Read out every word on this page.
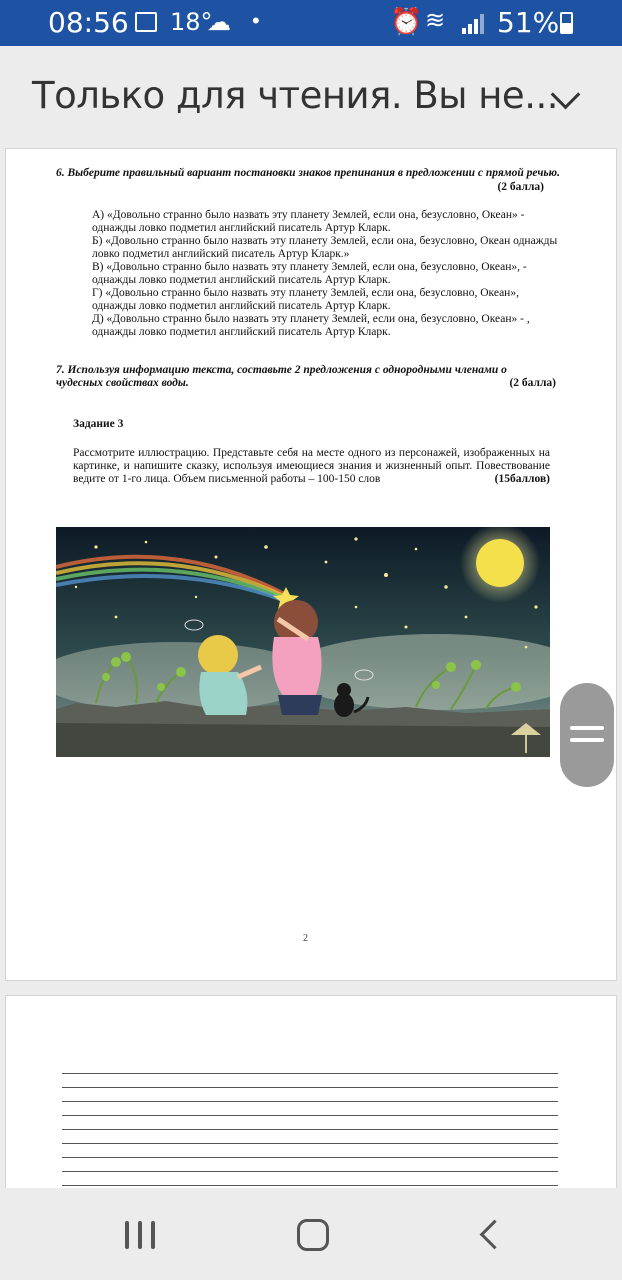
08:56 18°
☁ •	⏰ ≋ 51%
Только для чтения. Вы не...
6. Выберите правильный вариант постановки знаков препинания в предложении с прямой речью.
(2 балла)

А) «Довольно странно было назвать эту планету Землей, если она, безусловно, Океан» - однажды ловко подметил английский писатель Артур Кларк.

Б) «Довольно странно было назвать эту планету Землей, если она, безусловно, Океан однажды ловко подметил английский писатель Артур Кларк.»

В) «Довольно странно было назвать эту планету Землей, если она, безусловно, Океан», - однажды ловко подметил английский писатель Артур Кларк.

Г) «Довольно странно было назвать эту планету Землей, если она, безусловно, Океан», однажды ловко подметил английский писатель Артур Кларк.

Д) «Довольно странно было назвать эту планету Землей, если она, безусловно, Океан» - , однажды ловко подметил английский писатель Артур Кларк.

7. Используя информацию текста, составьте 2 предложения с однородными членами о чудесных свойствах воды.	(2 балла)
Задание 3
Рассмотрите иллюстрацию. Представьте себя на месте одного из персонажей, изображенных на картинке, и напишите сказку, используя имеющиеся знания и жизненный опыт. Повествование ведите от 1-го лица. Объем письменной работы – 100-150 слов	(15баллов)
2
